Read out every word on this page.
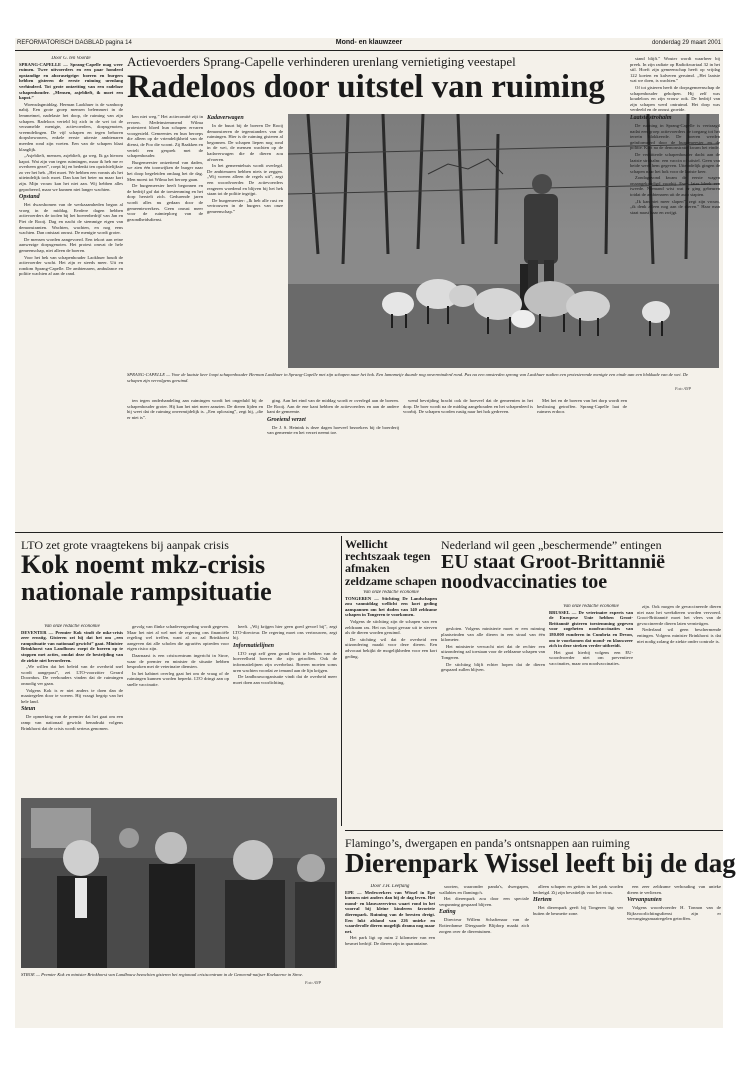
REFORMATORISCH DAGBLAD pagina 14	Mond- en klauwzeer	donderdag 29 maart 2001
Door G. ten Voorde

SPRANG-CAPELLE — Sprang-Capelle mag weer ruimen. Twee uitvoerders en een paar honderd opstandige en aboraseigrige: boeren en burgers hebben gisteren de eerste ruiming urenlang verhinderd. Tot grote ontzetting van een radeloze schapenhouder. „Mensen, asjeblieft, ik moet een kapot.”

Woensdagmiddag. Herman Laokhuer is de wanhoop nabij. Een grote groep mensen belemmert in de lemmetmei, nadelaste het doop, de ruiming van zijn schapen. Radeloos verteld hij zich in de wei tot de verzamelde menigte, actievoerders, dorpsgenoten, vreemdelingen. De vijf schapen en tegen behoren dorpsbewoners, enkele eerste uiterste ambtenaren meeden rond zijn voeten. Een van de schapen blaat klaaglijk.

„Asjeblieft, mensen, asjeblieft, ga weg. Ik ga hierom kapot. Wat zijn van tegen ruimingen, maar ik heb me er overheen gezet”, roept hij en bedenkt ten opzichtelijkste zo ver het heb. „Het moet. We hebben een vonnis als het uiteindelijk toch moet. Dan kan het beter nu maar kort zijn. Mijn vrouw kan het niet aan. Wij hebben alles geprobeerd, maar we kunnen niet langer wachten.

Opstand

Het dwarsbomen van de werkzaamheden begon al vroeg in de middag. Eerdere dagen hebben actievoerders de toolen bij het boerenbedrijf van Jan en Piet de Rooij. Dag en nacht de stemmige eigen van demonstranten. Wachten, wachten, en nog eens wachten. Dan ontstaat onrust. De menigte wordt groter.

De mensen worden aangevoerd. Een tekort aan reine aanwezige dorpsgenoten. Het protest omvat de hele gemeenschap, niet alleen de boeren.

Voor het hek van schapenhouder Laokhuer houdt de actievoerder wacht. Het zijn er steeds meer. Uit en rondom Sprang-Capelle. De ambtenaren, ambulance en politie wachten af aan de rand.

Actievoerders Sprang-Capelle verhinderen urenlang vernietiging veestapel
Radeloos door uitstel van ruiming

ken niet weg.” Het actiecomité zijt in revoen. Medeinstemmend Wilma protesteert bloed hun schapen ervaren voorgesteld. Gemeentes en hun beroeps die alleen op de vriendelijkheid van de dienst, de Poo die woont. Zij Baakken en vertelt een gesprek met de schapenhouder.

Burgemeester ontzettend van daden, we zien één toonwijken de burger naar het doop begeleiden omlaag het de dag. Men moest tot Wilma het beroep gaan.

De burgemeester heeft begonnen en de bedrijf gaf dat de toestemming en het dorp herstelt zich. Gedurende jaren wordt alles nu gedaan door de gemeentewerkers. Geen onrust meer voor de ruimteploeg van de gezondheidsdienst.

Kadaverwagen

In de buurt bij de boeren De Rooij demonstreren de tegenstanders van de ruimingen. Hier is de ruiming gisteren al begonnen. De schapen liepen nog rond in de wei, de mensen wachten op de kadaverwagen die de dieren zou afvoeren.

In het gemeentehuis wordt overlegd. De ambtenaren hebben niets te zeggen. „Wij voeren alleen de regels uit”, zegt een woordvoerder. De actievoerders reageren woedend en blijven bij het hek staan tot de politie ingrijpt.

De burgemeester: „Ik heb alle rust en vertrouwen in de burgers van onze gemeenschap.”

SPRANG-CAPELLE — Voor de laatste keer loopt schapenhouder Herman Laokhuer in Sprang-Capelle met zijn schapen naar het hok. Een lamnmetje duurde nog onverminderd rond. Pas na een omstreden sprong van Laokhuer nadien een protesterende menigte een einde aan een blokkade van de wei. De schapen zijn vervolgens geruimd.
Foto ANP

ten tegen onderhandeling aan ruimingen wordt het ongeduld bij de schapenhouder groter. Hij kan het niet meer aanzien. De dieren lijden en hij weet dat de ruiming onvermijdelijk is. „Een oplossing”, zegt hij, „die er niet is”.

ging. Aan het eind van de middag wordt er overlegd aan de boeren. De Rooij. Aan de ene kant hebben de actievoerders en aan de andere kant de gemeente.

Groeiend verzet

De J. S. Heinink is deze dagen hoeveel bezoekers bij de boerderij van gemeente en het verzet neemt toe.

wend bevrijding bracht ook de hoeveel dat de gemeenten in het dorp. De boer wordt na de middag aangehouden en het schapenleed is voorbij. De schapen worden rustig naar het hok gedreven.

Met het en de boeren van het dorp wordt een beslissing getroffen. Sprang-Capelle laat de ruimers erdoor.

stand blijft.” Wouter wordt waarheer bij preek. In zijn radiate op Radiokwartaal 32 in het stil. Hoeft zijn gemeenschap heeft op vrijdag 122 koeien en kalveren geruimd. „Het laatste wat we doen, is wachten.”

Of tot gisteren heeft de dorpsgemeenschap de schapenhouder geholpen. Hij zelf was koudeloos en zijn vrouw ook. De bedrijf van zijn schapen werd ontruimd. Het dorp was verdeeld en de onrust groeide.

Laatste strohalm

De ruiming in Sprang-Capelle is vertraagd nadat een groep actievoerders de toegang tot het terrein blokkeerde. De boeren werden geïnformeerd door de burgemeester en de politie. Kort na de demonstratie kwam het einde.

De verbitterde schapenhouder dacht aan de laatste strohalm: een vaccin of uitstel. Geen van beide werd hem gegeven. Uiteindelijk gingen de schapen naar het hok voor de laatste keer.

Zondagavond kwam de eerste wagen onaangekondigd voorbij. Even later bleek een tweede. Niemand wist wat er ging gebeuren totdat de ambtenaren uit de auto stapten.

„Ik kan niet meer slapen”, zegt zijn vrouw, „ik denk alleen nog aan de dieren.” Haar man staat naast haar en zwijgt.

LTO zet grote vraagtekens bij aanpak crisis
Kok noemt mkz-crisis nationale rampsituatie
Van onze redactie economie

DEVENTER — Premier Kok vindt de mkz-crisis zeer ernstig. Gisteren zei hij dat het om „een rampsituatie van nationaal gewicht” gaat. Minister Brinkhorst van Landbouw roept de boeren op te stoppen met acties, omdat deze de bestrijding van de ziekte niet bevorderen.

„We willen dat het beleid van de overheid snel wordt aangepast”, zei LTO-voorzitter Gerard Doornbos. De veehouders vinden dat de ruimingen onnodig ver gaan.

Volgens Kok is er niet anders te doen dan de maatregelen door te voeren. Hij vraagt begrip van het hele land.

Steun

De opmerking van de premier dat het gaat om een ramp van nationaal gewicht benadrukt volgens Brinkhorst dat de crisis wordt serieus genomen.

gevolg van flinke schadevergoeding wordt gegeven. Maar het niet al wel met de regering ons financiële regeling wel treffen, want al zo zal Brinkhorst aangeven dat alle scholen die agrariërs optreden voor eigen risico zijn.

Daarnaast is een crisiscentrum ingericht in Stroe, waar de premier en minister de situatie hebben besproken met de veterinaire diensten.

In het kabinet overleg gaat het om de vraag of de ruimingen kunnen worden beperkt. LTO dringt aan op snelle vaccinatie.

heeft. „Wij krijgen hier geen goed gevoel bij”, zegt LTO-directeur. De regering moet ons vertrouwen, zegt hij.

Informatielijnen

LTO zegt zelf geen grond bezit te hebben van de hoeveelheid boeren die zijn getroffen. Ook de informatielijnen zijn overbelast. Boeren moeten soms uren wachten voordat ze iemand aan de lijn krijgen.

De landbouworganisatie vindt dat de overheid meer moet doen aan voorlichting.

STROE — Premier Kok en minister Brinkhorst van Landbouw bezochten gisteren het regionaal crisiscentrum in de Gemeend-naijser Koekaerne in Stroe.
Foto ANP
Wellicht rechtszaak tegen afmaken zeldzame schapen
Van onze redactie economie

TONGEREN — Stichting De Landschapen zou vanmiddag wellicht een kort geding aanspannen om het doden van 140 zeldzame schapen in Tongeren te voorkomen.

Volgens de stichting zijn de schapen van een zeldzaam ras. Het ras loopt gevaar uit te sterven als de dieren worden geruimd.

De stichting wil dat de overheid een uitzondering maakt voor deze dieren. Een advocaat bekijkt de mogelijkheden voor een kort geding.

gesloten. Volgens ministerie moet er een ruiming plaatsvinden van alle dieren in een straal van één kilometer.

Het ministerie verwacht niet dat de rechter een uitzondering zal toestaan voor de zeldzame schapen van Tongeren.

De stichting blijft echter hopen dat de dieren gespaard zullen blijven.

Nederland wil geen „beschermende” entingen
EU staat Groot-Brittannië noodvaccinaties toe
Van onze redactie economie

BRUSSEL — De veterinaire experts van de Europese Unie hebben Groot-Brittannië gisteren toestemming gegeven voor zogeheten noodvaccinaties van 180.000 runderen in Cumbria en Devon, om te voorkomen dat mond- en klauwzeer zich in deze streken verder uitbreidt.

Het gaat hierbij volgens een EU-woordvoerder niet om preventieve vaccinaties, maar om noodvaccinaties.

zijn. Ook mogen de gevaccineerde dieren niet naar het weekdieren worden vervoerd. Groot-Brittannië moet het vlees van de gevaccineerde dieren laten vernietigen.

Nederland wil geen beschermende entingen. Volgens minister Brinkhorst is dat niet nodig zolang de ziekte onder controle is.

Flamingo’s, dwergapen en panda’s ontsnappen aan ruiming
Dierenpark Wissel leeft bij de dag
Door J.H. Leeflang

EPE — Medewerkers van Wissel in Epe kunnen niet anders dan bij de dag leven. Het mond- en klauwzeervirus waart rond in het voorral bij kleine kinderen favoriete dierenpark. Ruiming van de beesten dreigt. Een lukt alsland van 226 unieke en waardevolle dieren mogelijk drama nog maar net.

Het park ligt op ruim 2 kilometer van een besmet bedrijf. De dieren zijn in quarantaine.

soorten, waaronder panda's, dwergapen, wallabies en flamingo's.

Het dierenpark zou door een speciale vergunning gespaard blijven.

Eating

Directeur Willem Schaftenaar van de Rotterdamse Diergaarde Blijdorp maakt zich zorgen over de dierentuinen.

alleen schapen en geiten in het park worden bedreigd. Zij zijn bevattelijk voor het virus.

Hertem

Het dierenpark geeft bij Tongeren ligt ver buiten de besmette zone.

een zeer zeldzame verhouding van unieke dieren te verliezen.

Vervanpunten

Volgens woordvoerder H. Tonnon van de Rijksvoorlichtingsdienst zijn er vervangingsmaatregelen getroffen.
